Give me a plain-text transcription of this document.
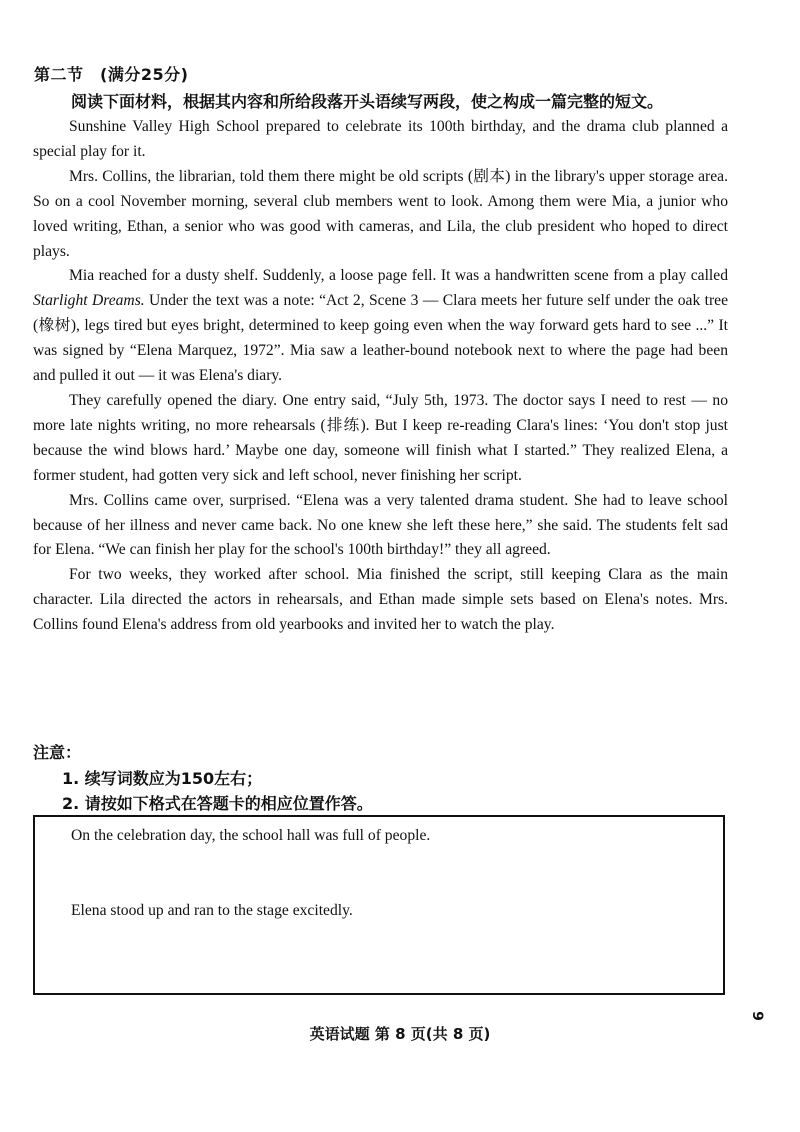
第二节　(满分25分)
阅读下面材料，根据其内容和所给段落开头语续写两段，使之构成一篇完整的短文。

Sunshine Valley High School prepared to celebrate its 100th birthday, and the drama club planned a special play for it.

Mrs. Collins, the librarian, told them there might be old scripts (剧本) in the library's upper storage area. So on a cool November morning, several club members went to look. Among them were Mia, a junior who loved writing, Ethan, a senior who was good with cameras, and Lila, the club president who hoped to direct plays.

Mia reached for a dusty shelf. Suddenly, a loose page fell. It was a handwritten scene from a play called Starlight Dreams. Under the text was a note: “Act 2, Scene 3 — Clara meets her future self under the oak tree (橡树), legs tired but eyes bright, determined to keep going even when the way forward gets hard to see ...” It was signed by “Elena Marquez, 1972”. Mia saw a leather-bound notebook next to where the page had been and pulled it out — it was Elena's diary.

They carefully opened the diary. One entry said, “July 5th, 1973. The doctor says I need to rest — no more late nights writing, no more rehearsals (排练). But I keep re-reading Clara's lines: ‘You don't stop just because the wind blows hard.’ Maybe one day, someone will finish what I started.” They realized Elena, a former student, had gotten very sick and left school, never finishing her script.

Mrs. Collins came over, surprised. “Elena was a very talented drama student. She had to leave school because of her illness and never came back. No one knew she left these here,” she said. The students felt sad for Elena. “We can finish her play for the school's 100th birthday!” they all agreed.

For two weeks, they worked after school. Mia finished the script, still keeping Clara as the main character. Lila directed the actors in rehearsals, and Ethan made simple sets based on Elena's notes. Mrs. Collins found Elena's address from old yearbooks and invited her to watch the play.

注意：
1. 续写词数应为150左右；
2. 请按如下格式在答题卡的相应位置作答。
On the celebration day, the school hall was full of people.
Elena stood up and ran to the stage excitedly.
英语试题 第 8 页(共 8 页)
9
